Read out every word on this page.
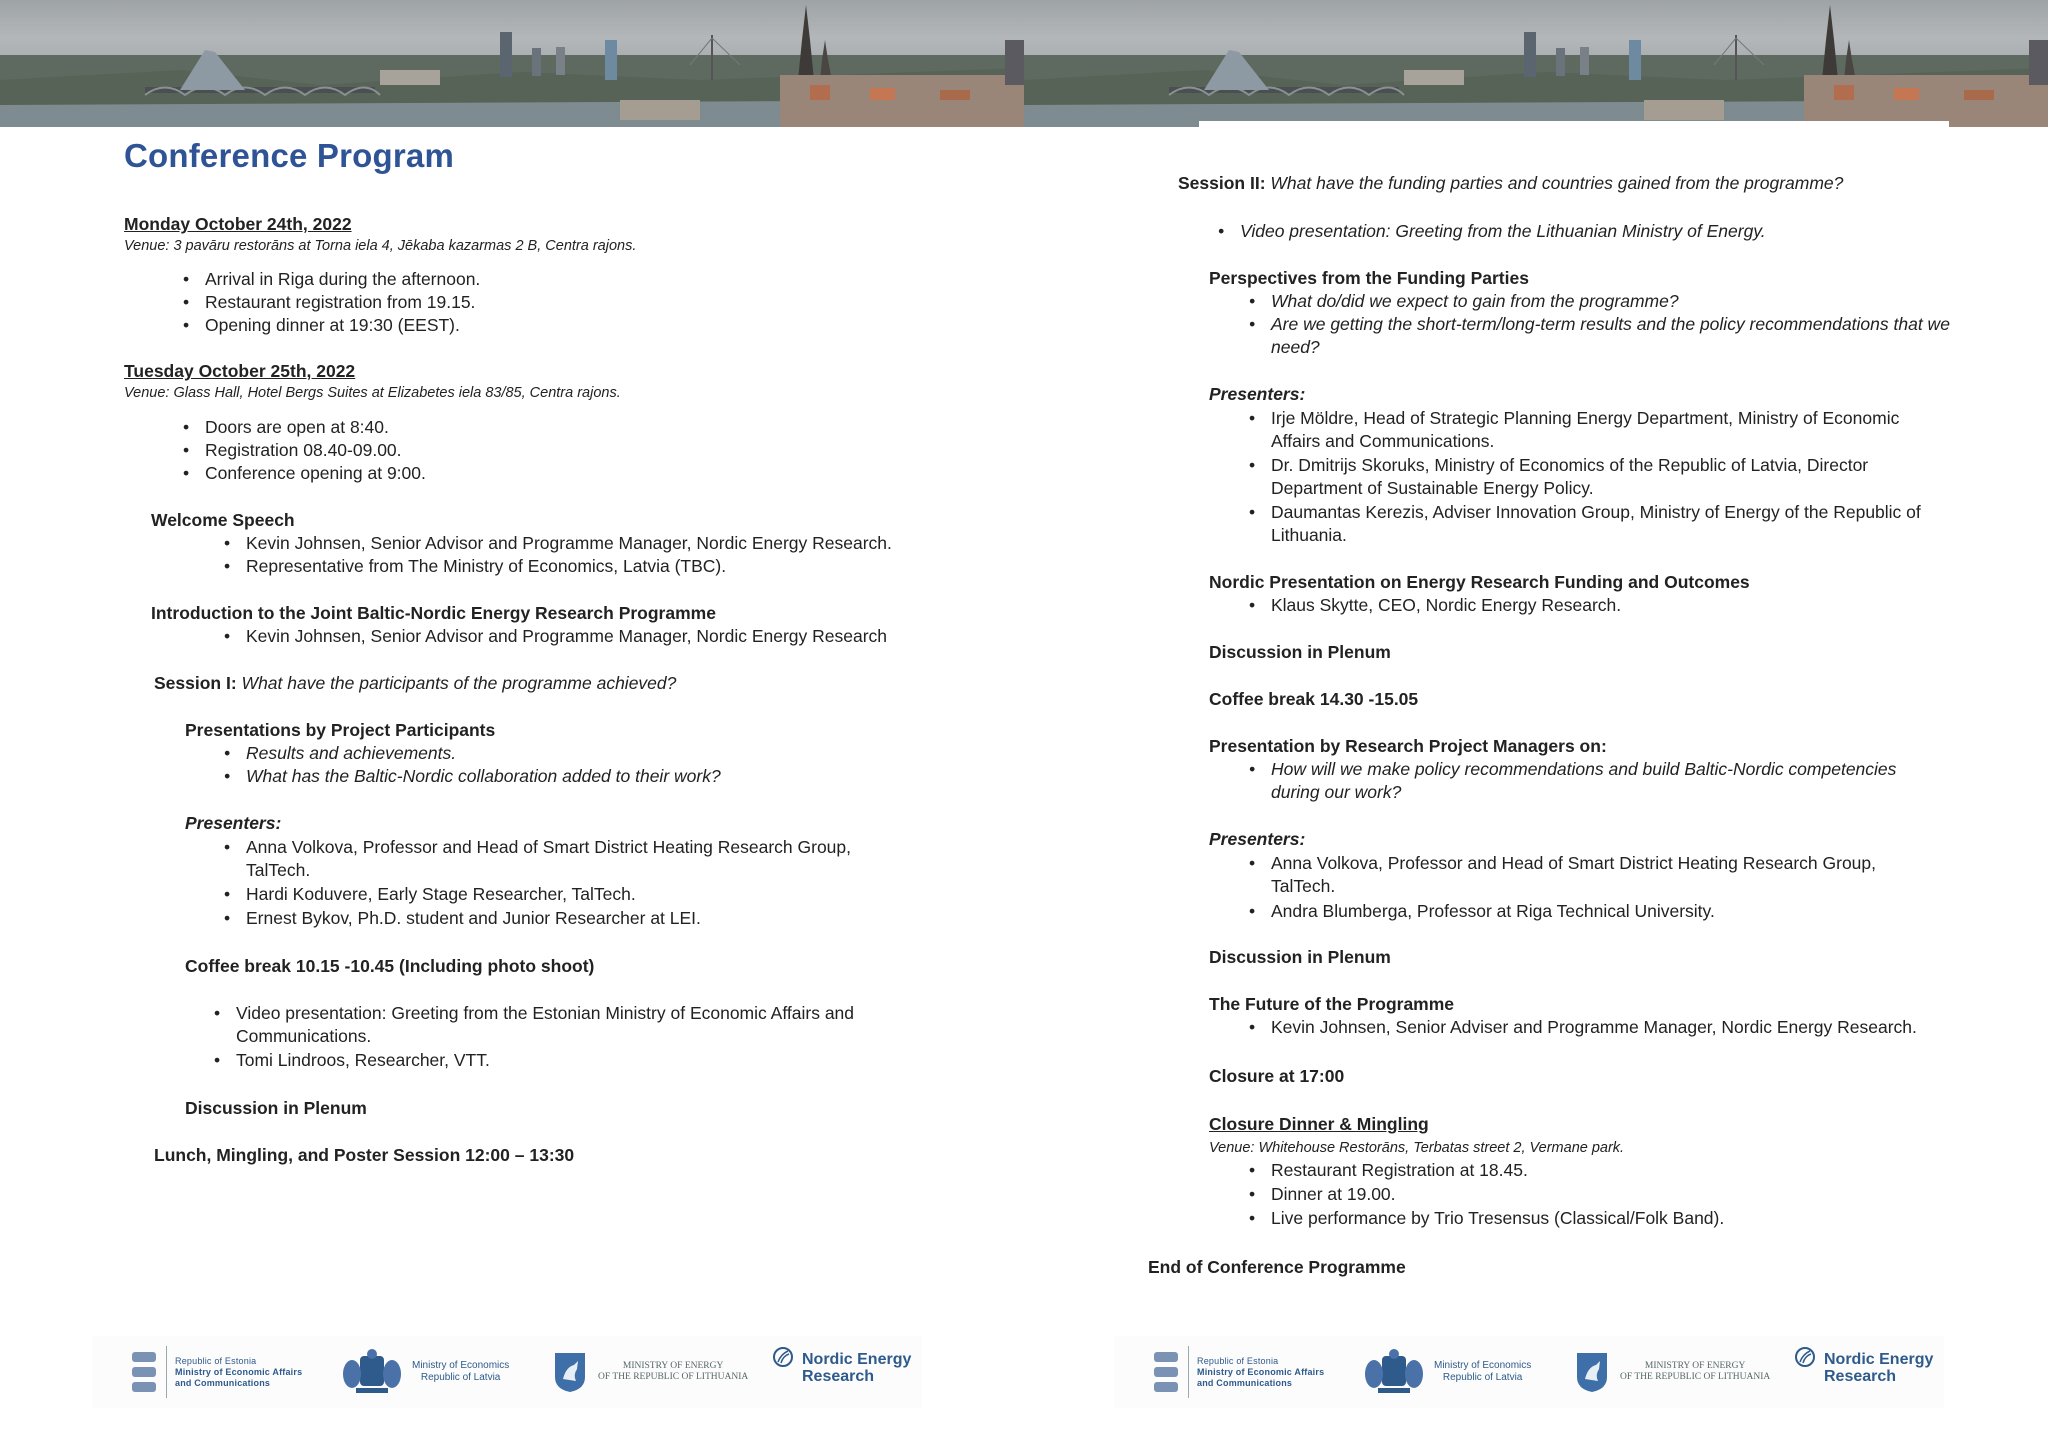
Conference Program
Monday October 24th, 2022
Venue: 3 pavāru restorāns at Torna iela 4, Jēkaba kazarmas 2 B, Centra rajons.
• Arrival in Riga during the afternoon.
• Restaurant registration from 19.15.
• Opening dinner at 19:30 (EEST).
Tuesday October 25th, 2022
Venue: Glass Hall, Hotel Bergs Suites at Elizabetes iela 83/85, Centra rajons.
• Doors are open at 8:40.
• Registration 08.40-09.00.
• Conference opening at 9:00.
Welcome Speech
• Kevin Johnsen, Senior Advisor and Programme Manager, Nordic Energy Research.
• Representative from The Ministry of Economics, Latvia (TBC).
Introduction to the Joint Baltic-Nordic Energy Research Programme
• Kevin Johnsen, Senior Advisor and Programme Manager, Nordic Energy Research
Session I: What have the participants of the programme achieved?
Presentations by Project Participants
• Results and achievements.
• What has the Baltic-Nordic collaboration added to their work?
Presenters:
• Anna Volkova, Professor and Head of Smart District Heating Research Group, TalTech.
• Hardi Koduvere, Early Stage Researcher, TalTech.
• Ernest Bykov, Ph.D. student and Junior Researcher at LEI.
Coffee break 10.15 -10.45 (Including photo shoot)
• Video presentation: Greeting from the Estonian Ministry of Economic Affairs and Communications.
• Tomi Lindroos, Researcher, VTT.
Discussion in Plenum
Lunch, Mingling, and Poster Session 12:00 – 13:30
Republic of Estonia
Ministry of Economic Affairs
and Communications
Ministry of Economics
Republic of Latvia
MINISTRY OF ENERGY
OF THE REPUBLIC OF LITHUANIA
Nordic Energy
Research
Session II: What have the funding parties and countries gained from the programme?
• Video presentation: Greeting from the Lithuanian Ministry of Energy.
Perspectives from the Funding Parties
• What do/did we expect to gain from the programme?
• Are we getting the short-term/long-term results and the policy recommendations that we need?
Presenters:
• Irje Möldre, Head of Strategic Planning Energy Department, Ministry of Economic Affairs and Communications.
• Dr. Dmitrijs Skoruks, Ministry of Economics of the Republic of Latvia, Director Department of Sustainable Energy Policy.
• Daumantas Kerezis, Adviser Innovation Group, Ministry of Energy of the Republic of Lithuania.
Nordic Presentation on Energy Research Funding and Outcomes
• Klaus Skytte, CEO, Nordic Energy Research.
Discussion in Plenum
Coffee break 14.30 -15.05
Presentation by Research Project Managers on:
• How will we make policy recommendations and build Baltic-Nordic competencies during our work?
Presenters:
• Anna Volkova, Professor and Head of Smart District Heating Research Group, TalTech.
• Andra Blumberga, Professor at Riga Technical University.
Discussion in Plenum
The Future of the Programme
• Kevin Johnsen, Senior Adviser and Programme Manager, Nordic Energy Research.
Closure at 17:00
Closure Dinner & Mingling
Venue: Whitehouse Restorāns, Terbatas street 2, Vermane park.
• Restaurant Registration at 18.45.
• Dinner at 19.00.
• Live performance by Trio Tresensus (Classical/Folk Band).
End of Conference Programme
Republic of Estonia
Ministry of Economic Affairs
and Communications
Ministry of Economics
Republic of Latvia
MINISTRY OF ENERGY
OF THE REPUBLIC OF LITHUANIA
Nordic Energy
Research
